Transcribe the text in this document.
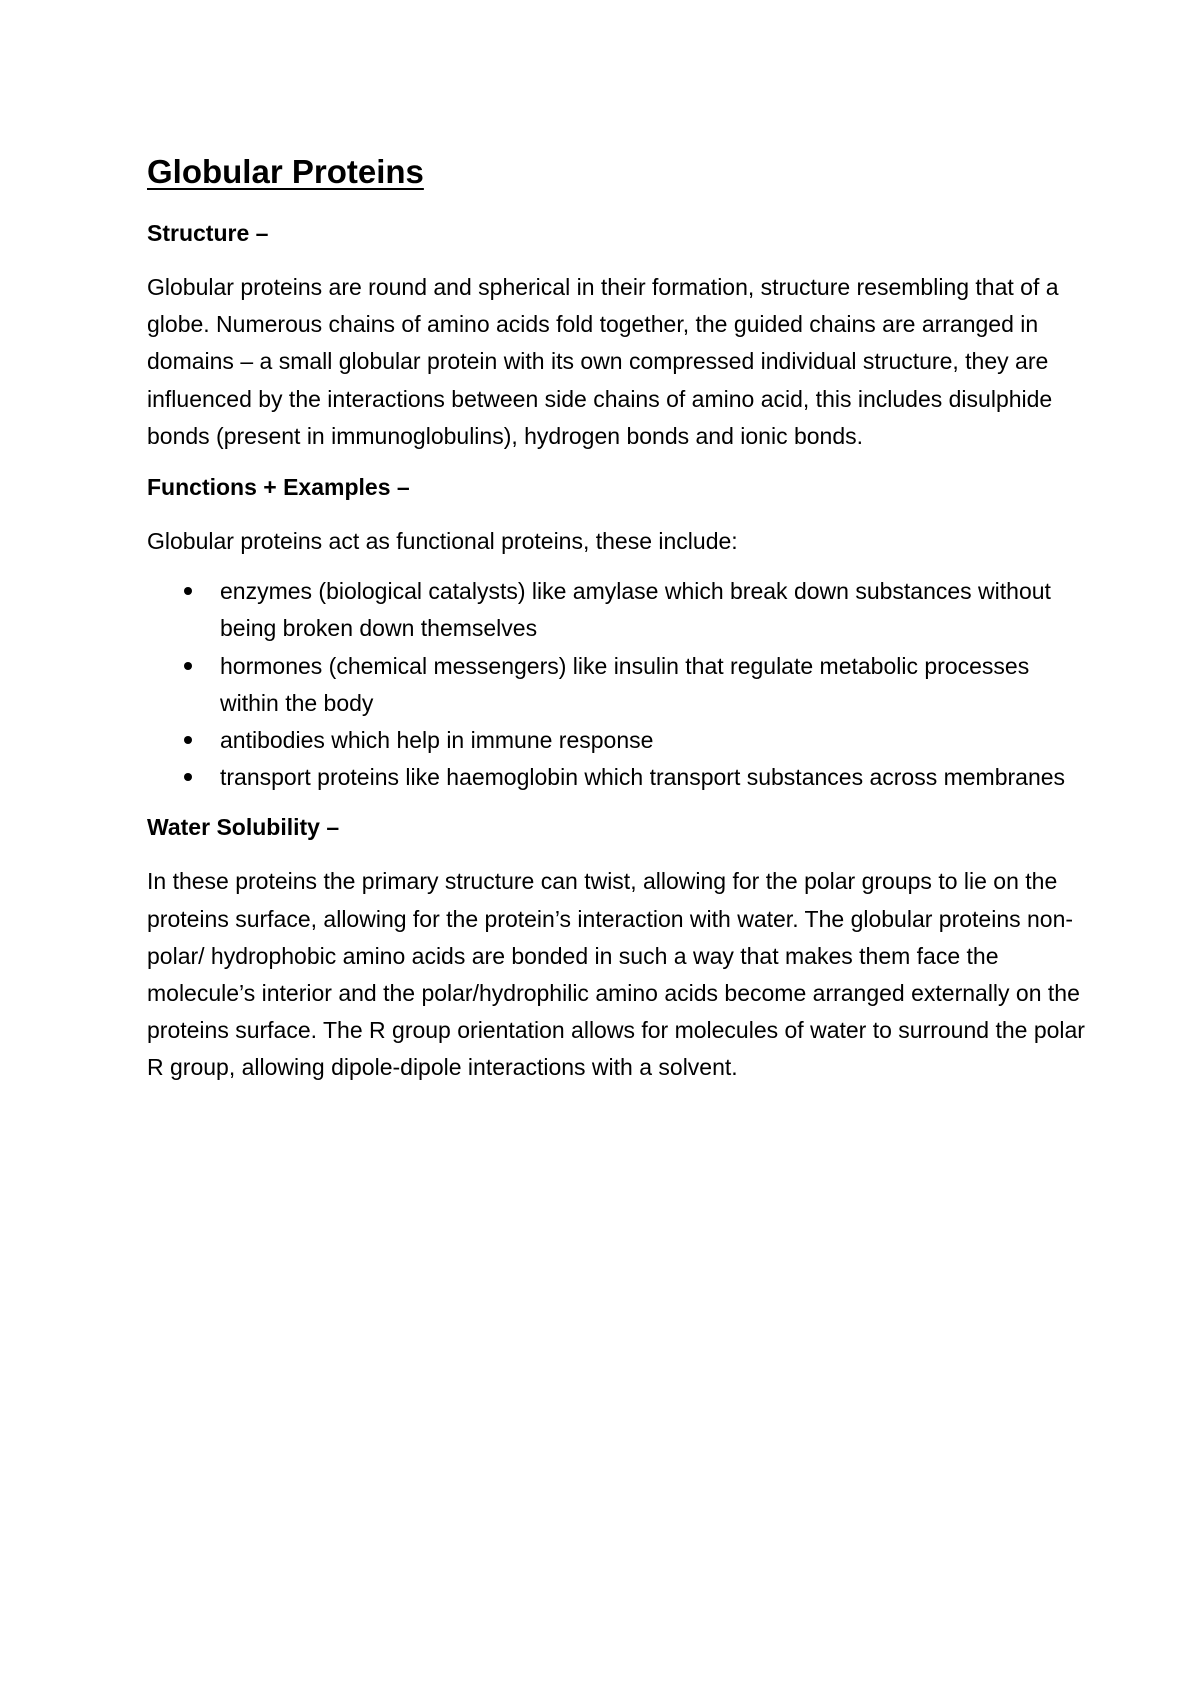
Globular Proteins
Structure –

Globular proteins are round and spherical in their formation, structure resembling that of a globe. Numerous chains of amino acids fold together, the guided chains are arranged in domains – a small globular protein with its own compressed individual structure, they are influenced by the interactions between side chains of amino acid, this includes disulphide bonds (present in immunoglobulins), hydrogen bonds and ionic bonds.

Functions + Examples –

Globular proteins act as functional proteins, these include:

enzymes (biological catalysts) like amylase which break down substances without being broken down themselves
hormones (chemical messengers) like insulin that regulate metabolic processes within the body
antibodies which help in immune response
transport proteins like haemoglobin which transport substances across membranes
Water Solubility –

In these proteins the primary structure can twist, allowing for the polar groups to lie on the proteins surface, allowing for the protein’s interaction with water. The globular proteins non-polar/ hydrophobic amino acids are bonded in such a way that makes them face the molecule’s interior and the polar/hydrophilic amino acids become arranged externally on the proteins surface. The R group orientation allows for molecules of water to surround the polar R group, allowing dipole-dipole interactions with a solvent.
